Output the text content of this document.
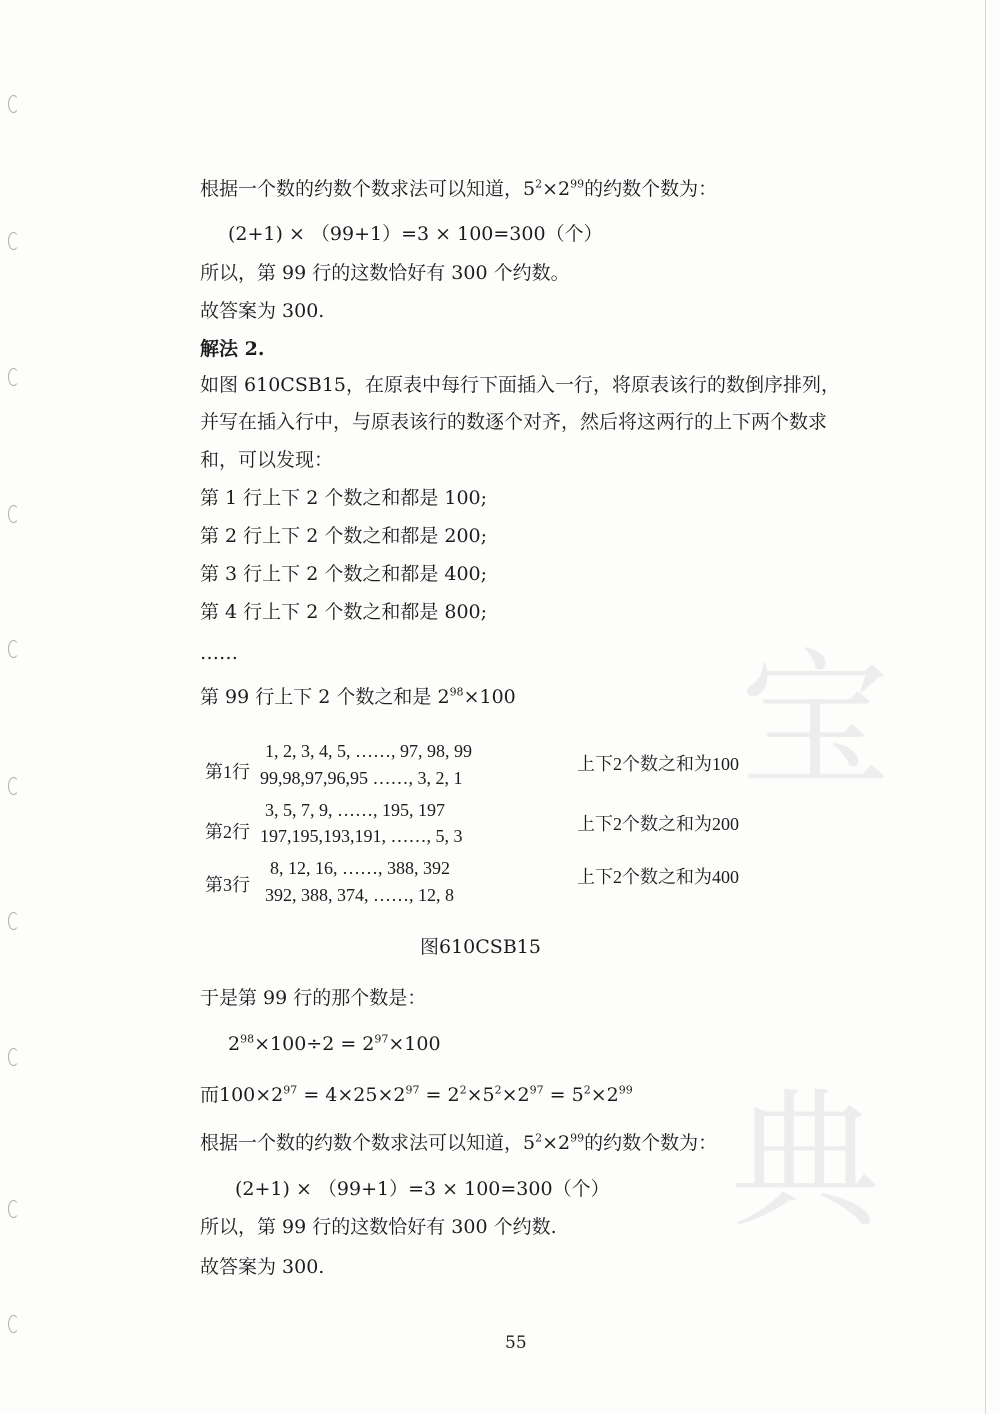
宝
典
根据一个数的约数个数求法可以知道，$5^2\times 2^{99}$的约数个数为：
(2+1) × （99+1）=3 × 100=300（个）
所以，第 99 行的这数恰好有 300 个约数。
故答案为 300.
解法 2.
如图 610CSB15，在原表中每行下面插入一行，将原表该行的数倒序排列，
并写在插入行中，与原表该行的数逐个对齐，然后将这两行的上下两个数求
和，可以发现：
第 1 行上下 2 个数之和都是 100;
第 2 行上下 2 个数之和都是 200;
第 3 行上下 2 个数之和都是 400;
第 4 行上下 2 个数之和都是 800;
……
第 99 行上下 2 个数之和是 $2^{98}\times 100$
第1行
1, 2, 3, 4, 5, ……, 97, 98, 99
99,98,97,96,95 ……, 3, 2, 1
上下2个数之和为100
第2行
3, 5, 7, 9, ……, 195, 197
197,195,193,191, ……, 5, 3
上下2个数之和为200
第3行
8, 12, 16, ……, 388, 392
392, 388, 374, ……, 12, 8
上下2个数之和为400
图610CSB15
于是第 99 行的那个数是：
$2^{98}\times 100\div 2 = 2^{97}\times 100$
而$100\times 2^{97} = 4\times 25\times 2^{97} = 2^2\times 5^2\times 2^{97} = 5^2\times 2^{99}$
根据一个数的约数个数求法可以知道，$5^2\times 2^{99}$的约数个数为：
(2+1) × （99+1）=3 × 100=300（个）
所以，第 99 行的这数恰好有 300 个约数.
故答案为 300.
55
